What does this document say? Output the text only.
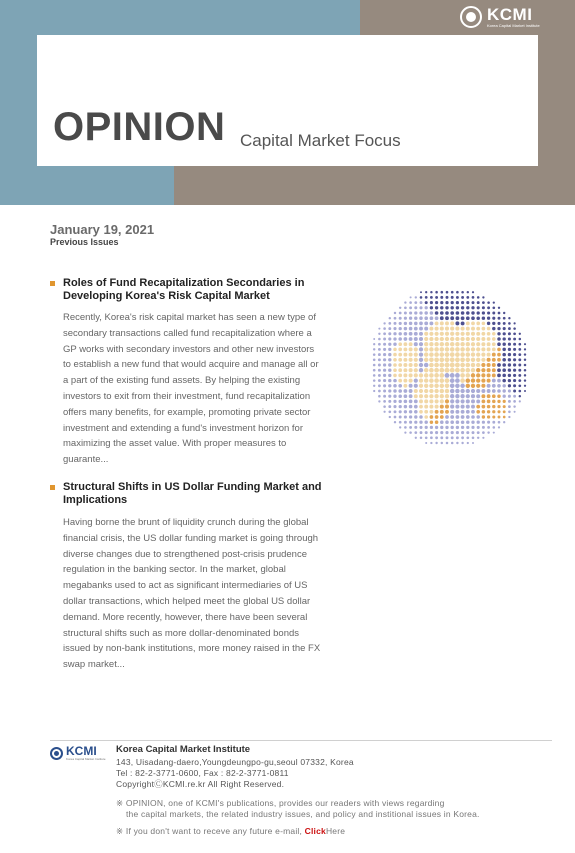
OPINION Capital Market Focus
KCMI
Korea Capital Market Institute
January 19, 2021
Previous Issues
Roles of Fund Recapitalization Secondaries in
Developing Korea's Risk Capital Market
Recently, Korea's risk capital market has seen a new type of
secondary transactions called fund recapitalization where a
GP works with secondary investors and other new investors
to establish a new fund that would acquire and manage all or
a part of the existing fund assets. By helping the existing
investors to exit from their investment, fund recapitalization
offers many benefits, for example, promoting private sector
investment and extending a fund's investment horizon for
maximizing the asset value. With proper measures to
guarante...
Structural Shifts in US Dollar Funding Market and
Implications
Having borne the brunt of liquidity crunch during the global
financial crisis, the US dollar funding market is going through
diverse changes due to strengthened post-crisis prudence
regulation in the banking sector. In the market, global
megabanks used to act as significant intermediaries of US
dollar transactions, which helped meet the global US dollar
demand. More recently, however, there have been several
structural shifts such as more dollar-denominated bonds
issued by non-bank institutions, more money raised in the FX
swap market...
KCMI
Korea Capital Market Institute
Korea Capital Market Institute
143, Uisadang-daero,Youngdeungpo-gu,seoul 07332, Korea
Tel : 82-2-3771-0600, Fax : 82-2-3771-0811
CopyrightⒸKCMI.re.kr All Right Reserved.
※ OPINION, one of KCMI's publications, provides our readers with views regarding
the capital markets, the related industry issues, and policy and institional issues in Korea.
※ If you don't want to receve any future e-mail, ClickHere
